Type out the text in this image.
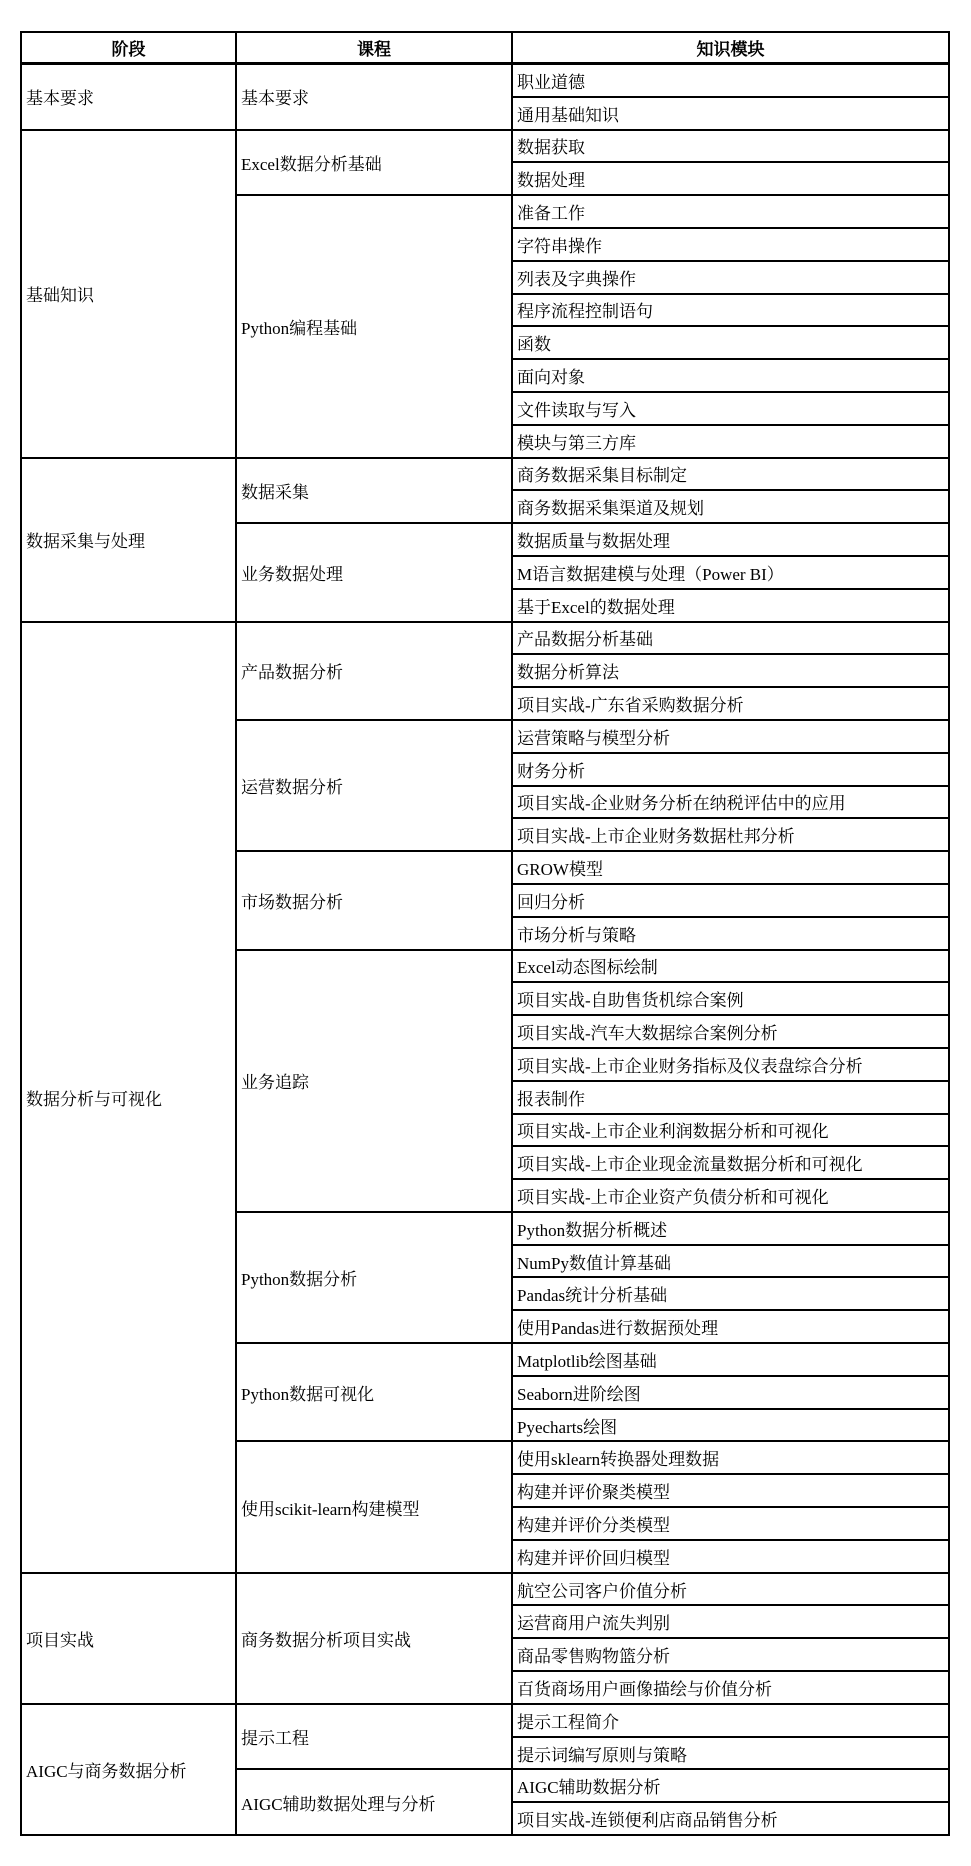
阶段	课程	知识模块
基本要求	基本要求	职业道德
		通用基础知识
基础知识	Excel数据分析基础	数据获取
		数据处理
	Python编程基础	准备工作
		字符串操作
		列表及字典操作
		程序流程控制语句
		函数
		面向对象
		文件读取与写入
		模块与第三方库
数据采集与处理	数据采集	商务数据采集目标制定
		商务数据采集渠道及规划
	业务数据处理	数据质量与数据处理
		M语言数据建模与处理（Power BI）
		基于Excel的数据处理
数据分析与可视化	产品数据分析	产品数据分析基础
		数据分析算法
		项目实战-广东省采购数据分析
	运营数据分析	运营策略与模型分析
		财务分析
		项目实战-企业财务分析在纳税评估中的应用
		项目实战-上市企业财务数据杜邦分析
	市场数据分析	GROW模型
		回归分析
		市场分析与策略
	业务追踪	Excel动态图标绘制
		项目实战-自助售货机综合案例
		项目实战-汽车大数据综合案例分析
		项目实战-上市企业财务指标及仪表盘综合分析
		报表制作
		项目实战-上市企业利润数据分析和可视化
		项目实战-上市企业现金流量数据分析和可视化
		项目实战-上市企业资产负债分析和可视化
	Python数据分析	Python数据分析概述
		NumPy数值计算基础
		Pandas统计分析基础
		使用Pandas进行数据预处理
	Python数据可视化	Matplotlib绘图基础
		Seaborn进阶绘图
		Pyecharts绘图
	使用scikit-learn构建模型	使用sklearn转换器处理数据
		构建并评价聚类模型
		构建并评价分类模型
		构建并评价回归模型
项目实战	商务数据分析项目实战	航空公司客户价值分析
		运营商用户流失判别
		商品零售购物篮分析
		百货商场用户画像描绘与价值分析
AIGC与商务数据分析	提示工程	提示工程简介
		提示词编写原则与策略
	AIGC辅助数据处理与分析	AIGC辅助数据分析
		项目实战-连锁便利店商品销售分析
